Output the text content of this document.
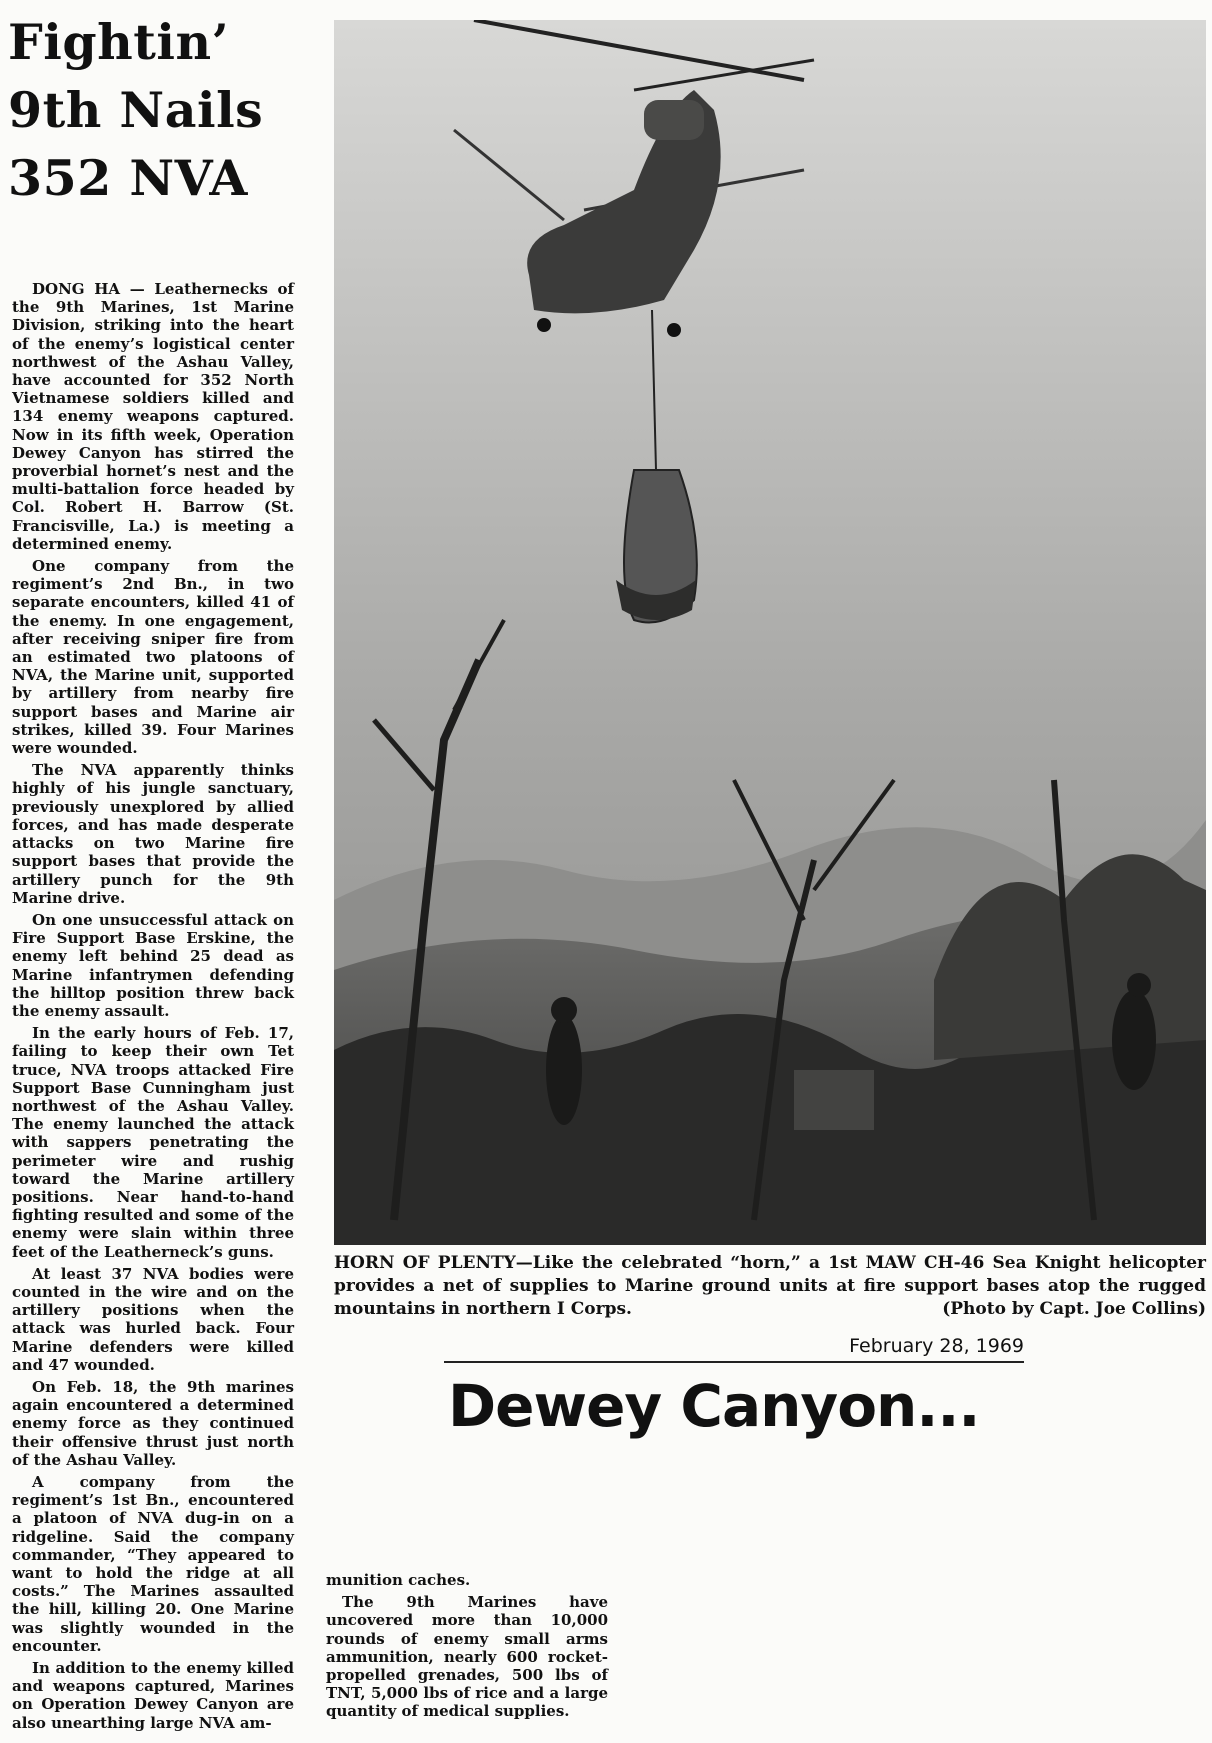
Fightin’
9th Nails
352 NVA

DONG HA — Leathernecks of the 9th Marines, 1st Marine Division, striking into the heart of the enemy’s logistical center northwest of the Ashau Valley, have accounted for 352 North Vietnamese soldiers killed and 134 enemy weapons captured. Now in its fifth week, Operation Dewey Canyon has stirred the proverbial hornet’s nest and the multi-battalion force headed by Col. Robert H. Barrow (St. Francisville, La.) is meeting a determined enemy.

One company from the regiment’s 2nd Bn., in two separate encounters, killed 41 of the enemy. In one engagement, after receiving sniper fire from an estimated two platoons of NVA, the Marine unit, supported by artillery from nearby fire support bases and Marine air strikes, killed 39. Four Marines were wounded.

The NVA apparently thinks highly of his jungle sanctuary, previously unexplored by allied forces, and has made desperate attacks on two Marine fire support bases that provide the artillery punch for the 9th Marine drive.

On one unsuccessful attack on Fire Support Base Erskine, the enemy left behind 25 dead as Marine infantrymen defending the hilltop position threw back the enemy assault.

In the early hours of Feb. 17, failing to keep their own Tet truce, NVA troops attacked Fire Support Base Cunningham just northwest of the Ashau Valley. The enemy launched the attack with sappers penetrating the perimeter wire and rushig toward the Marine artillery positions. Near hand-to-hand fighting resulted and some of the enemy were slain within three feet of the Leatherneck’s guns.

At least 37 NVA bodies were counted in the wire and on the artillery positions when the attack was hurled back. Four Marine defenders were killed and 47 wounded.

On Feb. 18, the 9th marines again encountered a determined enemy force as they continued their offensive thrust just north of the Ashau Valley.

A company from the regiment’s 1st Bn., encountered a platoon of NVA dug-in on a ridgeline. Said the company commander, “They appeared to want to hold the ridge at all costs.” The Marines assaulted the hill, killing 20. One Marine was slightly wounded in the encounter.

In addition to the enemy killed and weapons captured, Marines on Operation Dewey Canyon are also unearthing large NVA am-

HORN OF PLENTY—Like the celebrated “horn,” a 1st MAW CH-46 Sea Knight helicopter provides a net of supplies to Marine ground units at fire support bases atop the rugged mountains in northern I Corps.	(Photo by Capt. Joe Collins)
February 28, 1969
Dewey Canyon...

munition caches.

The 9th Marines have uncovered more than 10,000 rounds of enemy small arms ammunition, nearly 600 rocket-propelled grenades, 500 lbs of TNT, 5,000 lbs of rice and a large quantity of medical supplies.
